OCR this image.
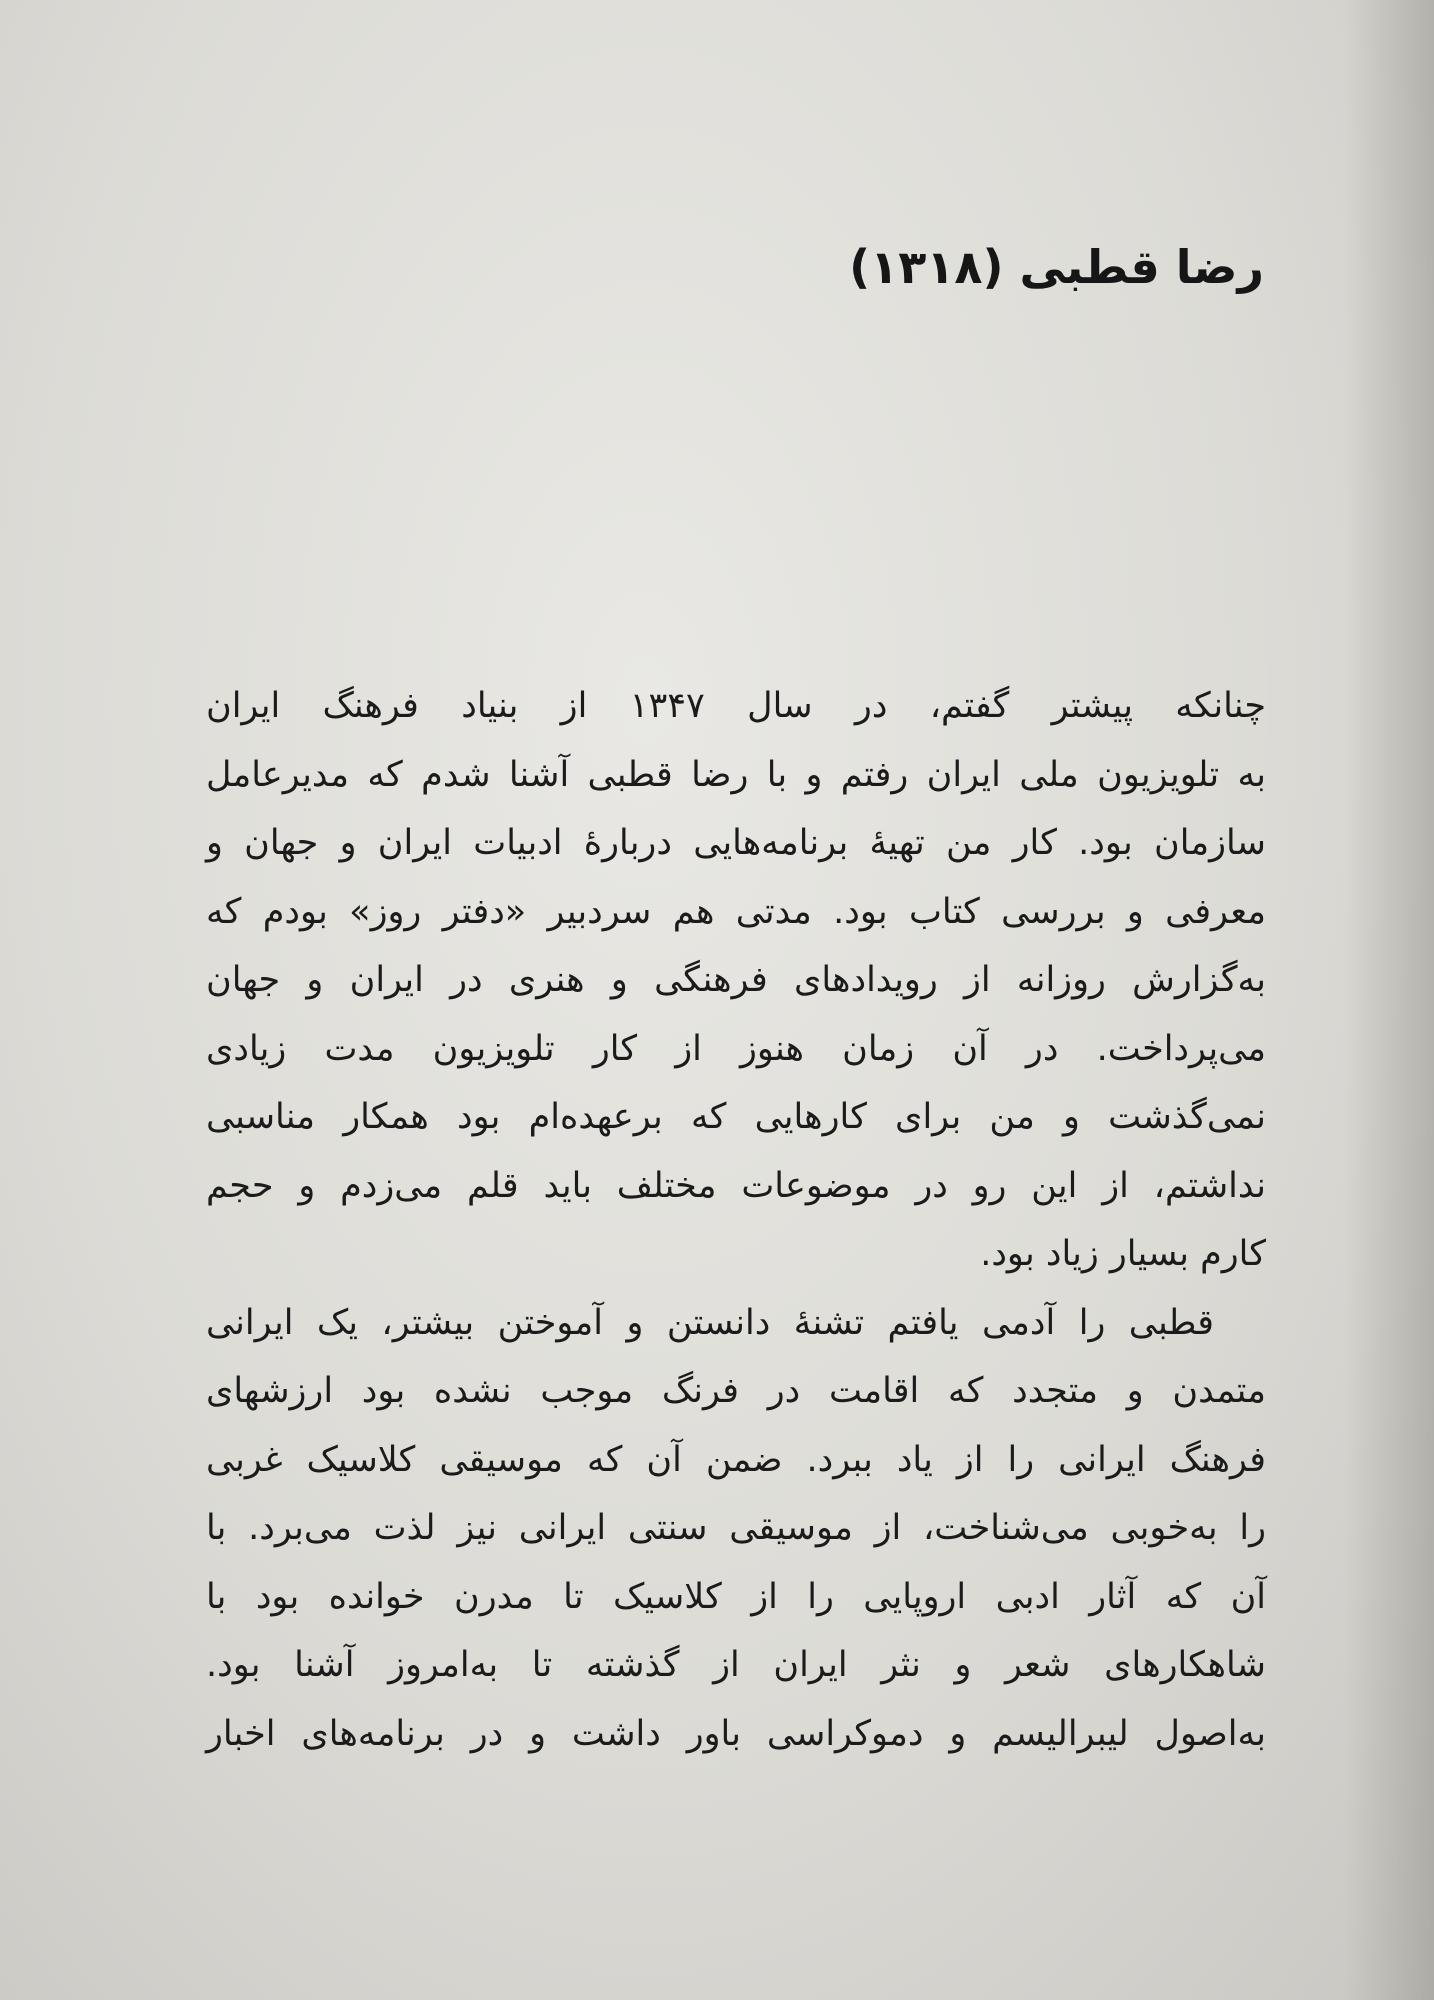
رضا قطبی (۱۳۱۸)
چنانکه پیشتر گفتم، در سال ۱۳۴۷ از بنیاد فرهنگ ایران
به تلویزیون ملی ایران رفتم و با رضا قطبی آشنا شدم که مدیرعامل
سازمان بود. کار من تهیهٔ برنامه‌هایی دربارهٔ ادبیات ایران و جهان و
معرفی و بررسی کتاب بود. مدتی هم سردبیر «دفتر روز» بودم که
به‌گزارش روزانه از رویدادهای فرهنگی و هنری در ایران و جهان
می‌پرداخت. در آن زمان هنوز از کار تلویزیون مدت زیادی
نمی‌گذشت و من برای کارهایی که برعهده‌ام بود همکار مناسبی
نداشتم، از این رو در موضوعات مختلف باید قلم می‌زدم و حجم
کارم بسیار زیاد بود.
قطبی را آدمی یافتم تشنهٔ دانستن و آموختن بیشتر، یک ایرانی
متمدن و متجدد که اقامت در فرنگ موجب نشده بود ارزشهای
فرهنگ ایرانی را از یاد ببرد. ضمن آن که موسیقی کلاسیک غربی
را به‌خوبی می‌شناخت، از موسیقی سنتی ایرانی نیز لذت می‌برد. با
آن که آثار ادبی اروپایی را از کلاسیک تا مدرن خوانده بود با
شاهکارهای شعر و نثر ایران از گذشته تا به‌امروز آشنا بود.
به‌اصول لیبرالیسم و دموکراسی باور داشت و در برنامه‌های اخبار
